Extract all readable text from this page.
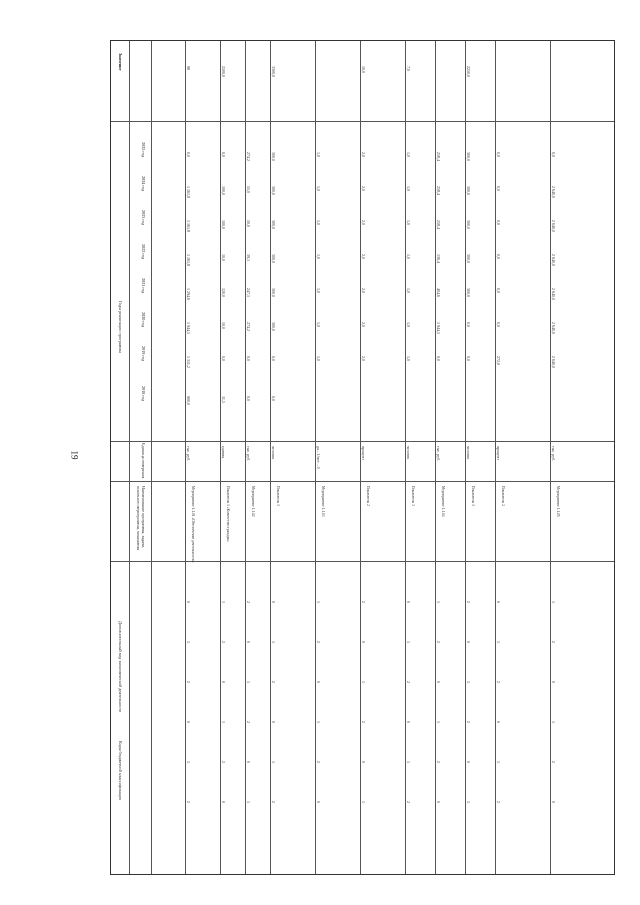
19
Годы реализации программы
Значение
Единица измерения
2018 год
Наименование программы, задачи, основного мероприятия, показателя
Коды бюджетной классификации
Дополнительный вид экономической деятельности
2019 год
2020 год
2021 год
2022 год
2023 год
2024 год
2025 год
Мероприятие 1.1.01 «Обеспечение деятельности»
тыс. руб.
900,0
1 311,2
1 944,5
1 294,6
1 161,8
1 161,8
1 161,8
0,0
98
0
1
2
0
1
2
Показатель 1 «Количество граждан»
единиц
11,5
0,0
10,0
120,0
10,0
100,0
100,0
0,0
2500,0
1
2
0
1
2
0
Мероприятие 1.1.02
тыс. руб.
0,0
0,0
274,2
247,1
39,1
50,0
55,0
274,2
2
0
1
2
0
1
Показатель 1
человек
0,0
0,0
300,0
300,0
300,0
300,0
300,0
300,0
3300,0
0
1
2
0
1
2
Мероприятие 1.1.03
да – 1/нет – 0
1,0
1,0
1,0
1,0
1,0
1,0
1,0
1
2
0
1
2
0
Показатель 2
процент
2,0
2,0
2,0
2,0
2,0
2,0
2,0
10,0
2
0
1
2
0
1
Показатель 3
человек
1,0
1,0
1,0
1,0
1,0
1,0
1,0
7,0
0
1
2
0
1
2
Мероприятие 1.1.04
тыс. руб.
0,0
1 944,5
404,6
136,4
258,4
258,4
258,4
1
2
0
1
2
0
Показатель 1
человек
0,0
0,0
300,0
300,0
300,0
300,0
300,0
2250,0
2
0
1
2
0
1
Показатель 2
процент
272,0
0,0
0,0
0,0
0,0
0,0
0,0
0
1
2
0
1
2
Мероприятие 1.1.05
тыс. руб.
2 640,0
2 640,0
2 640,0
2 640,0
2 640,0
2 640,0
0,0
1
2
0
1
2
0
